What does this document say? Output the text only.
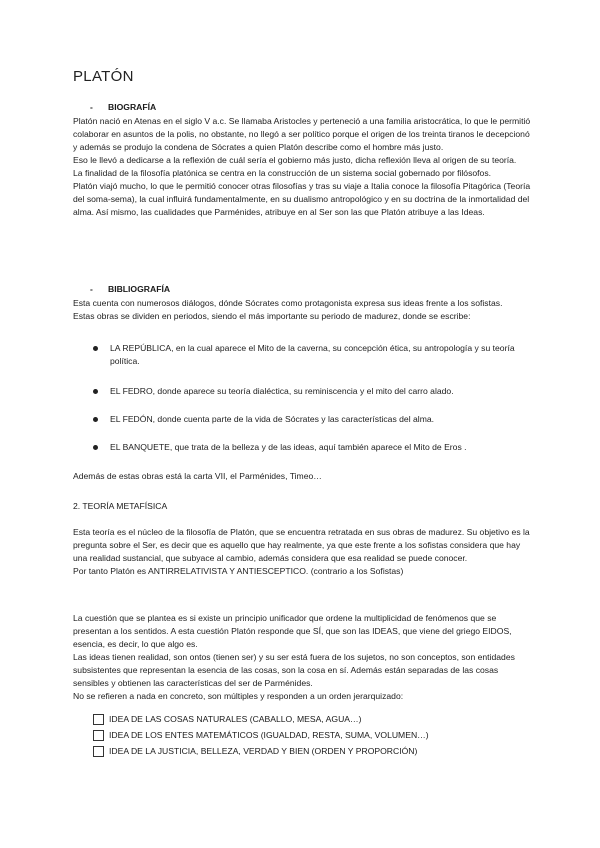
PLATÓN
- BIOGRAFÍA

Platón nació en Atenas en el siglo V a.c. Se llamaba Aristocles y perteneció a una familia aristocrática, lo que le permitió colaborar en asuntos de la polis, no obstante, no llegó a ser político porque el origen de los treinta tiranos le decepcionó y además se produjo la condena de Sócrates a quien Platón describe como el hombre más justo.

Eso le llevó a dedicarse a la reflexión de cuál sería el gobierno más justo, dicha reflexión lleva al origen de su teoría.

La finalidad de la filosofía platónica se centra en la construcción de un sistema social gobernado por filósofos.

Platón viajó mucho, lo que le permitió conocer otras filosofías y tras su viaje a Italia conoce la filosofía Pitagórica (Teoría del soma-sema), la cual influirá fundamentalmente, en su dualismo antropológico y en su doctrina de la inmortalidad del alma. Así mismo, las cualidades que Parménides, atribuye en al Ser son las que Platón atribuye a las Ideas.

- BIBLIOGRAFÍA

Esta cuenta con numerosos diálogos, dónde Sócrates como protagonista expresa sus ideas frente a los sofistas.

Estas obras se dividen en periodos, siendo el más importante su periodo de madurez, donde se escribe:

LA REPÚBLICA, en la cual aparece el Mito de la caverna, su concepción ética, su antropología y su teoría política.
EL FEDRO, donde aparece su teoría dialéctica, su reminiscencia y el mito del carro alado.
EL FEDÓN, donde cuenta parte de la vida de Sócrates y las características del alma.
EL BANQUETE, que trata de la belleza y de las ideas, aquí también aparece el Mito de Eros .
Además de estas obras está la carta VII, el Parménides, Timeo…
2. TEORÍA METAFÍSICA

Esta teoría es el núcleo de la filosofía de Platón, que se encuentra retratada en sus obras de madurez. Su objetivo es la pregunta sobre el Ser, es decir que es aquello que hay realmente, ya que este frente a los sofistas considera que hay una realidad sustancial, que subyace al cambio, además considera que esa realidad se puede conocer.

Por tanto Platón es ANTIRRELATIVISTA Y ANTIESCEPTICO. (contrario a los Sofistas)

La cuestión que se plantea es si existe un principio unificador que ordene la multiplicidad de fenómenos que se presentan a los sentidos. A esta cuestión Platón responde que SÍ, que son las IDEAS, que viene del griego EIDOS, esencia, es decir, lo que algo es.

Las ideas tienen realidad, son ontos (tienen ser) y su ser está fuera de los sujetos, no son conceptos, son entidades subsistentes que representan la esencia de las cosas, son la cosa en sí. Además están separadas de las cosas sensibles y obtienen las características del ser de Parménides.

No se refieren a nada en concreto, son múltiples y responden a un orden jerarquizado:

IDEA DE LAS COSAS NATURALES (CABALLO, MESA, AGUA…)
IDEA DE LOS ENTES MATEMÁTICOS (IGUALDAD, RESTA, SUMA, VOLUMEN…)
IDEA DE LA JUSTICIA, BELLEZA, VERDAD Y BIEN (ORDEN Y PROPORCIÓN)
